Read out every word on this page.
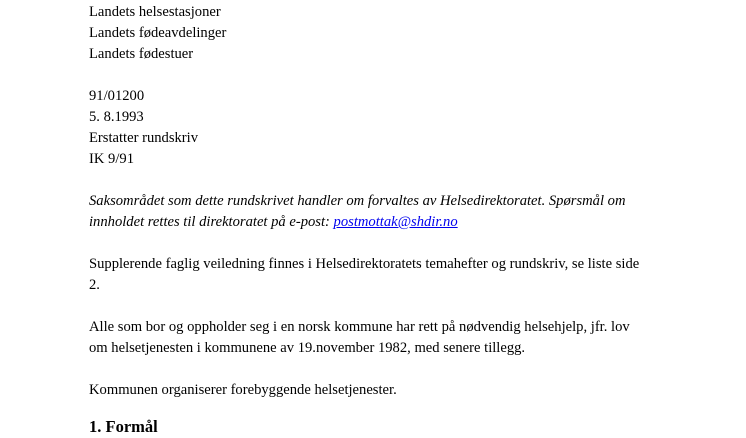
Landets helsestasjoner
Landets fødeavdelinger
Landets fødestuer
91/01200
5. 8.1993
Erstatter rundskriv
IK 9/91
Saksområdet som dette rundskrivet handler om forvaltes av Helsedirektoratet. Spørsmål om
innholdet rettes til direktoratet på e-post: postmottak@shdir.no
Supplerende faglig veiledning finnes i Helsedirektoratets temahefter og rundskriv, se liste side
2.
Alle som bor og oppholder seg i en norsk kommune har rett på nødvendig helsehjelp, jfr. lov
om helsetjenesten i kommunene av 19.november 1982, med senere tillegg.
Kommunen organiserer forebyggende helsetjenester.
1. Formål
